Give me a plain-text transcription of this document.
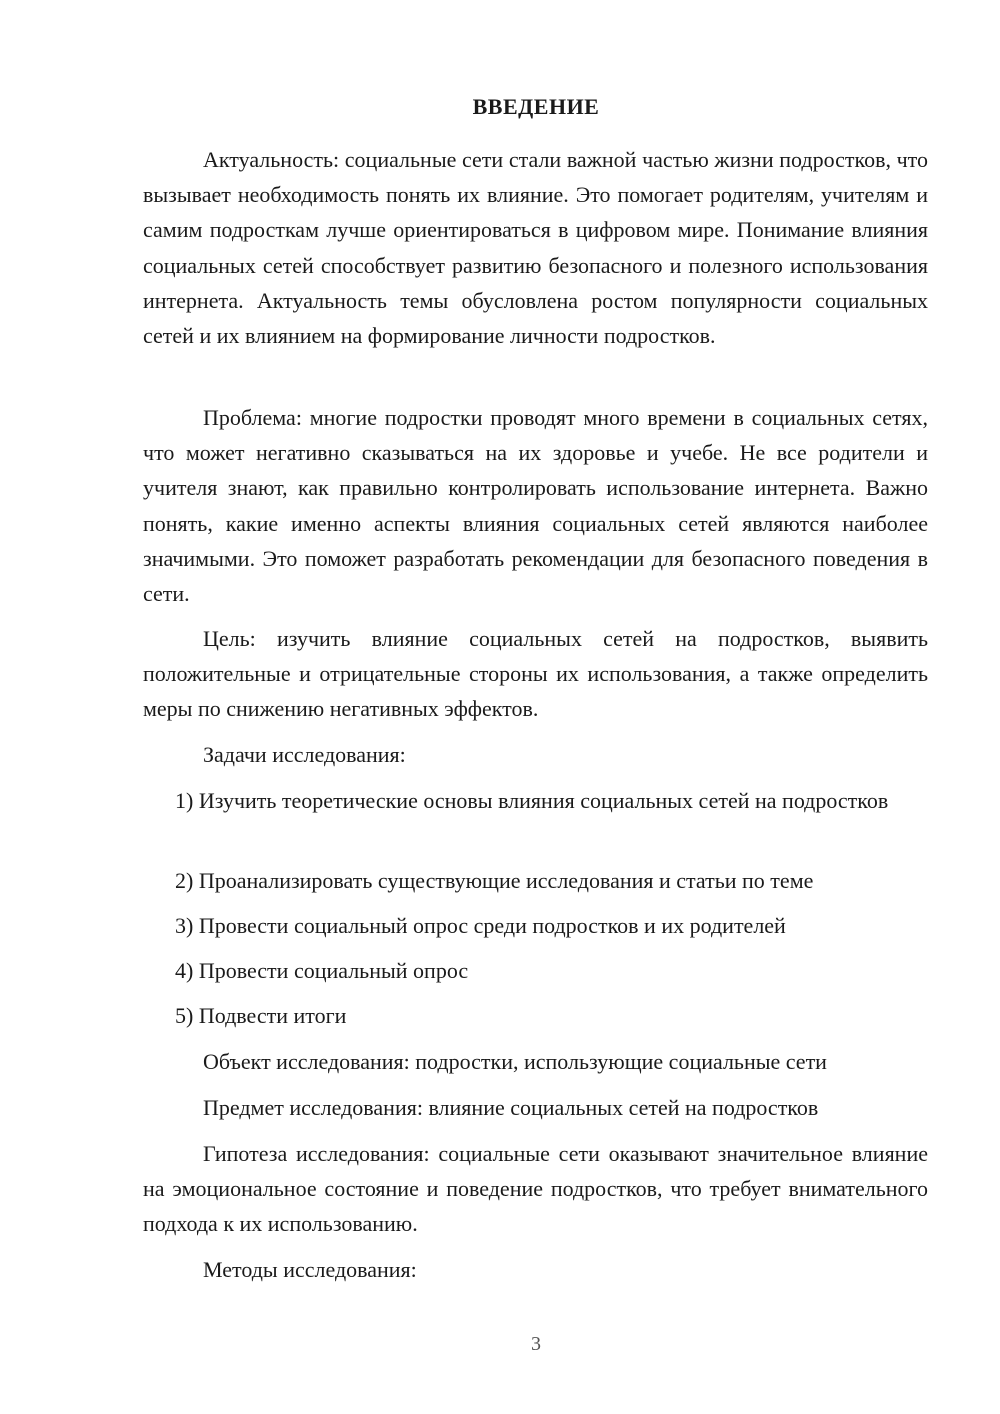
ВВЕДЕНИЕ

Актуальность: социальные сети стали важной частью жизни подростков, что вызывает необходимость понять их влияние. Это помогает родителям, учителям и самим подросткам лучше ориентироваться в цифровом мире. Понимание влияния социальных сетей способствует развитию безопасного и полезного использования интернета. Актуальность темы обусловлена ростом популярности социальных сетей и их влиянием на формирование личности подростков.

Проблема: многие подростки проводят много времени в социальных сетях, что может негативно сказываться на их здоровье и учебе. Не все родители и учителя знают, как правильно контролировать использование интернета. Важно понять, какие именно аспекты влияния социальных сетей являются наиболее значимыми. Это поможет разработать рекомендации для безопасного поведения в сети.

Цель: изучить влияние социальных сетей на подростков, выявить положительные и отрицательные стороны их использования, а также определить меры по снижению негативных эффектов.

Задачи исследования:

1) Изучить теоретические основы влияния социальных сетей на подростков

2) Проанализировать существующие исследования и статьи по теме

3) Провести социальный опрос среди подростков и их родителей

4) Провести социальный опрос

5) Подвести итоги

Объект исследования: подростки, использующие социальные сети

Предмет исследования: влияние социальных сетей на подростков

Гипотеза исследования: социальные сети оказывают значительное влияние на эмоциональное состояние и поведение подростков, что требует внимательного подхода к их использованию.

Методы исследования:

3
